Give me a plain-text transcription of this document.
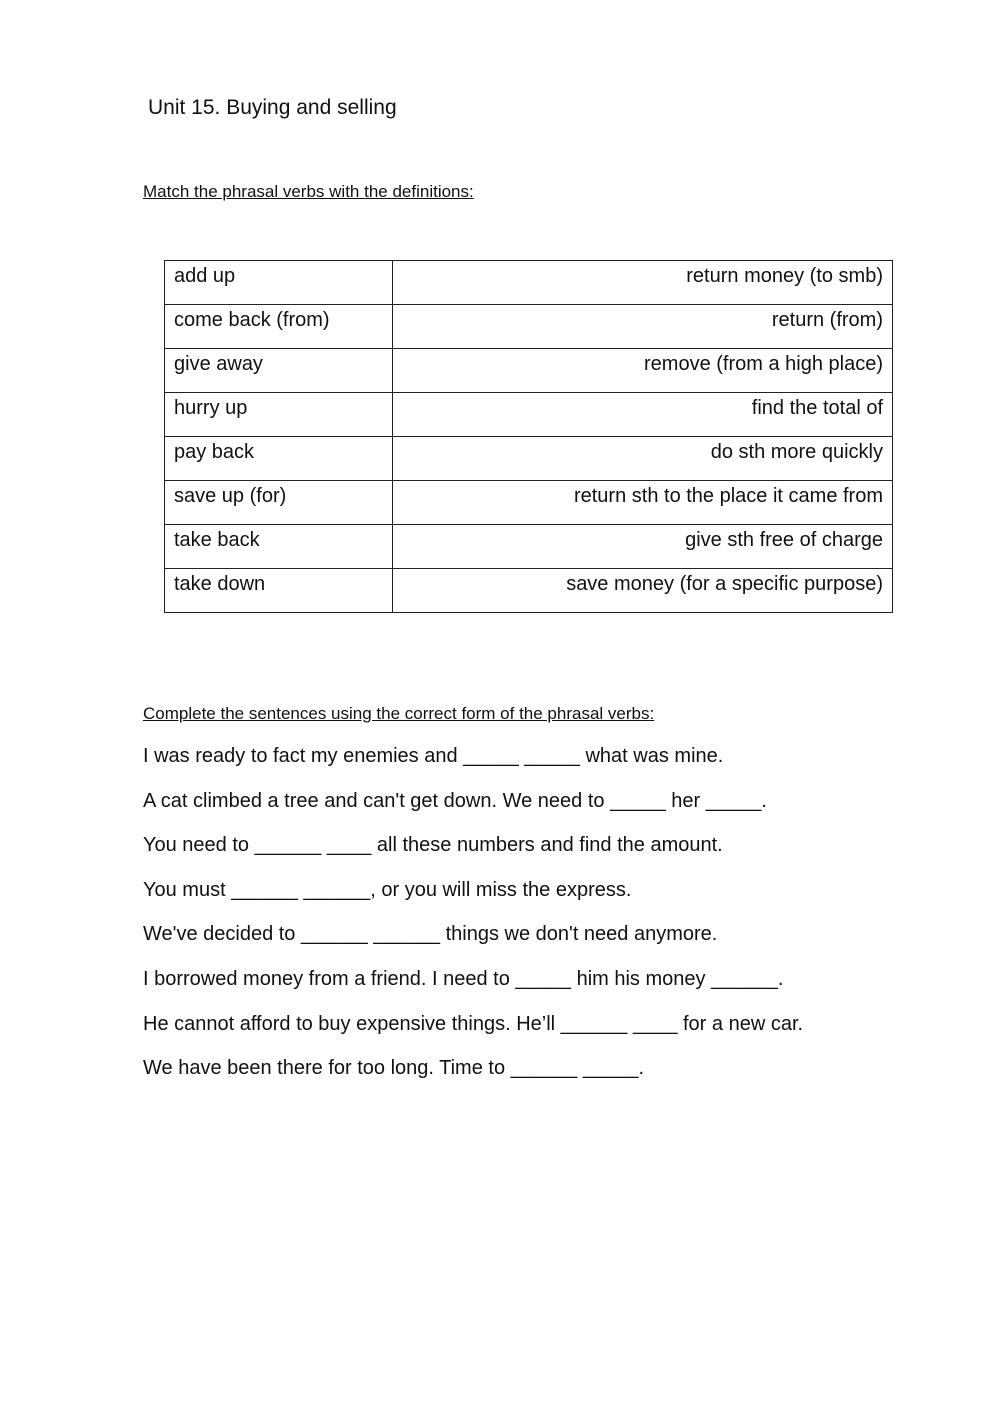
Unit 15. Buying and selling

Match the phrasal verbs with the definitions:

add up	return money (to smb)
come back (from)	return (from)
give away	remove (from a high place)
hurry up	find the total of
pay back	do sth more quickly
save up (for)	return sth to the place it came from
take back	give sth free of charge
take down	save money (for a specific purpose)

Complete the sentences using the correct form of the phrasal verbs:

I was ready to fact my enemies and _____ _____ what was mine.
A cat climbed a tree and can't get down. We need to _____ her _____.
You need to ______ ____ all these numbers and find the amount.
You must ______ ______, or you will miss the express.
We've decided to ______ ______ things we don't need anymore.
I borrowed money from a friend. I need to _____ him his money ______.
He cannot afford to buy expensive things. He’ll ______ ____ for a new car.
We have been there for too long. Time to ______ _____.
